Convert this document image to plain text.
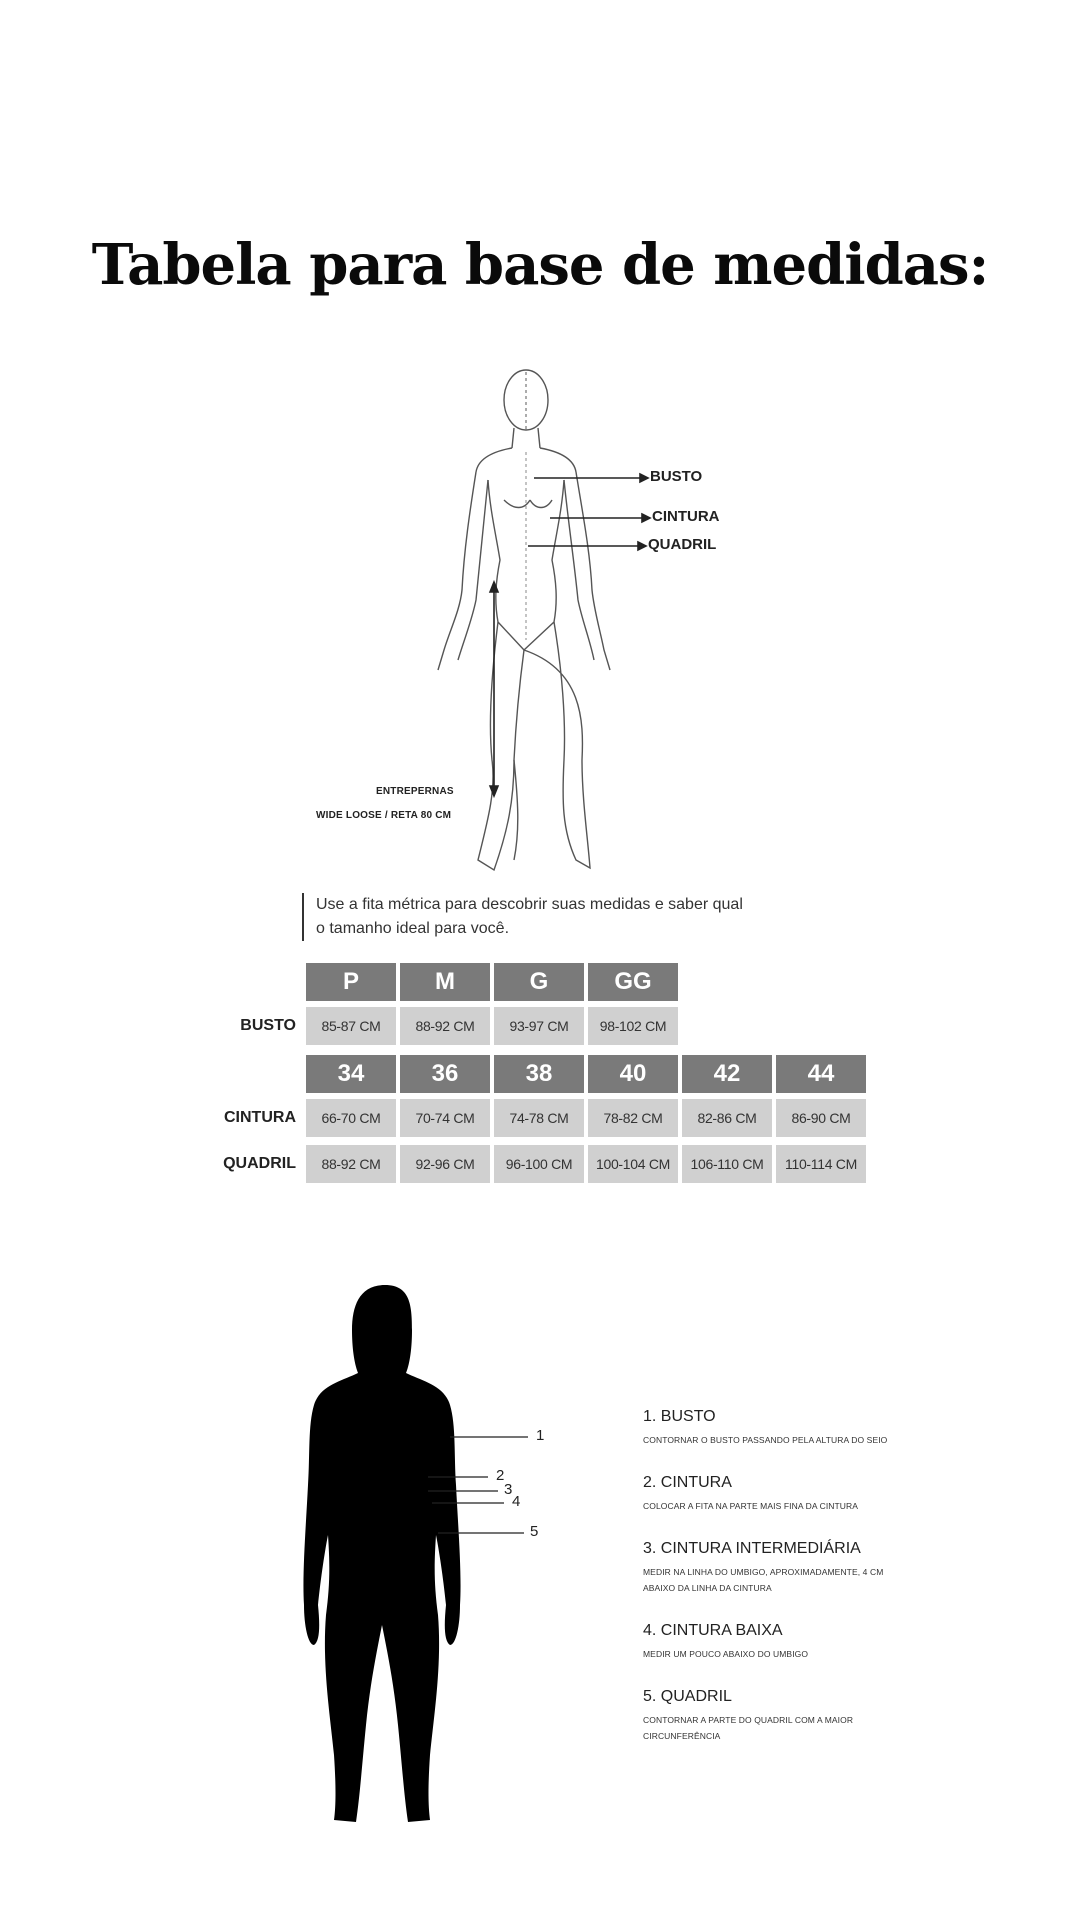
Tabela para base de medidas:
BUSTO
CINTURA
QUADRIL
ENTREPERNAS
WIDE LOOSE / RETA 80 CM
Use a fita métrica para descobrir suas medidas e saber qual o tamanho ideal para você.
P	M	G	GG
BUSTO	85-87 CM	88-92 CM	93-97 CM	98-102 CM
34	36	38	40	42	44
CINTURA	66-70 CM	70-74 CM	74-78 CM	78-82 CM	82-86 CM	86-90 CM
QUADRIL	88-92 CM	92-96 CM	96-100 CM	100-104 CM	106-110 CM	110-114 CM
1
2
3
4
5
1. BUSTO
CONTORNAR O BUSTO PASSANDO PELA ALTURA DO SEIO
2. CINTURA
COLOCAR A FITA NA PARTE MAIS FINA DA CINTURA
3. CINTURA INTERMEDIÁRIA
MEDIR NA LINHA DO UMBIGO, APROXIMADAMENTE, 4 CM ABAIXO DA LINHA DA CINTURA
4. CINTURA BAIXA
MEDIR UM POUCO ABAIXO DO UMBIGO
5. QUADRIL
CONTORNAR A PARTE DO QUADRIL COM A MAIOR CIRCUNFERÊNCIA
